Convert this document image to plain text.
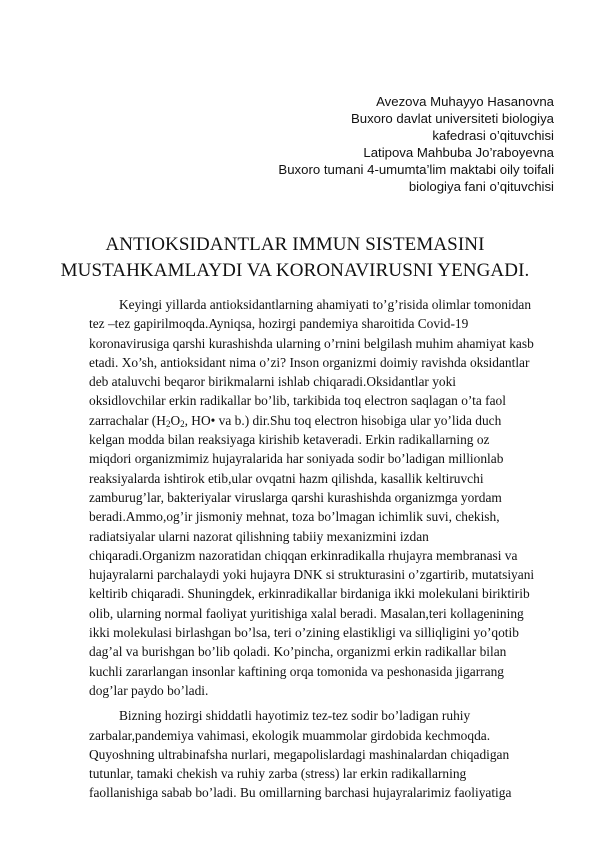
Avezova Muhayyo Hasanovna
Buxoro davlat universiteti biologiya
kafedrasi o’qituvchisi
Latipova Mahbuba Jo’raboyevna
Buxoro tumani 4-umumta’lim maktabi oily toifali
biologiya fani o’qituvchisi
ANTIOKSIDANTLAR IMMUN SISTEMASINI
MUSTAHKAMLAYDI VA KORONAVIRUSNI YENGADI.
Keyingi yillarda antioksidantlarning ahamiyati to’g’risida olimlar tomonidan
tez –tez gapirilmoqda.Ayniqsa, hozirgi pandemiya sharoitida Covid-19
koronavirusiga qarshi kurashishda ularning o’rnini belgilash muhim ahamiyat kasb
etadi. Xo’sh, antioksidant nima o’zi? Inson organizmi doimiy ravishda oksidantlar
deb ataluvchi beqaror birikmalarni ishlab chiqaradi.Oksidantlar yoki
oksidlovchilar erkin radikallar bo’lib, tarkibida toq electron saqlagan o’ta faol
zarrachalar ($H_2O_2$, HO• va b.) dir.Shu toq electron hisobiga ular yo’lida duch
kelgan modda bilan reaksiyaga kirishib ketaveradi. Erkin radikallarning oz
miqdori organizmimiz hujayralarida har soniyada sodir bo’ladigan millionlab
reaksiyalarda ishtirok etib,ular ovqatni hazm qilishda, kasallik keltiruvchi
zamburug’lar, bakteriyalar viruslarga qarshi kurashishda organizmga yordam
beradi.Ammo,og’ir jismoniy mehnat, toza bo’lmagan ichimlik suvi, chekish,
radiatsiyalar ularni nazorat qilishning tabiiy mexanizmini izdan
chiqaradi.Organizm nazoratidan chiqqan erkinradikalla rhujayra membranasi va
hujayralarni parchalaydi yoki hujayra DNK si strukturasini o’zgartirib, mutatsiyani
keltirib chiqaradi. Shuningdek, erkinradikallar birdaniga ikki molekulani biriktirib
olib, ularning normal faoliyat yuritishiga xalal beradi. Masalan,teri kollagenining
ikki molekulasi birlashgan bo’lsa, teri o’zining elastikligi va silliqligini yo’qotib
dag’al va burishgan bo’lib qoladi. Ko’pincha, organizmi erkin radikallar bilan
kuchli zararlangan insonlar kaftining orqa tomonida va peshonasida jigarrang
dog’lar paydo bo’ladi.
Bizning hozirgi shiddatli hayotimiz tez-tez sodir bo’ladigan ruhiy
zarbalar,pandemiya vahimasi, ekologik muammolar girdobida kechmoqda.
Quyoshning ultrabinafsha nurlari, megapolislardagi mashinalardan chiqadigan
tutunlar, tamaki chekish va ruhiy zarba (stress) lar erkin radikallarning
faollanishiga sabab bo’ladi. Bu omillarning barchasi hujayralarimiz faoliyatiga
